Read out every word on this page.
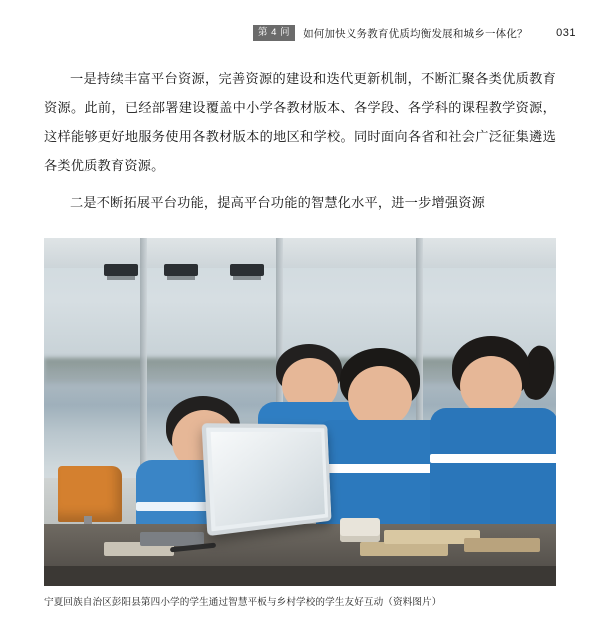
第 4 问	如何加快义务教育优质均衡发展和城乡一体化？	031

一是持续丰富平台资源，完善资源的建设和迭代更新机制，不断汇聚各类优质教育资源。此前，已经部署建设覆盖中小学各教材版本、各学段、各学科的课程教学资源，这样能够更好地服务使用各教材版本的地区和学校。同时面向各省和社会广泛征集遴选各类优质教育资源。

二是不断拓展平台功能，提高平台功能的智慧化水平，进一步增强资源

宁夏回族自治区彭阳县第四小学的学生通过智慧平板与乡村学校的学生友好互动（资料图片）
